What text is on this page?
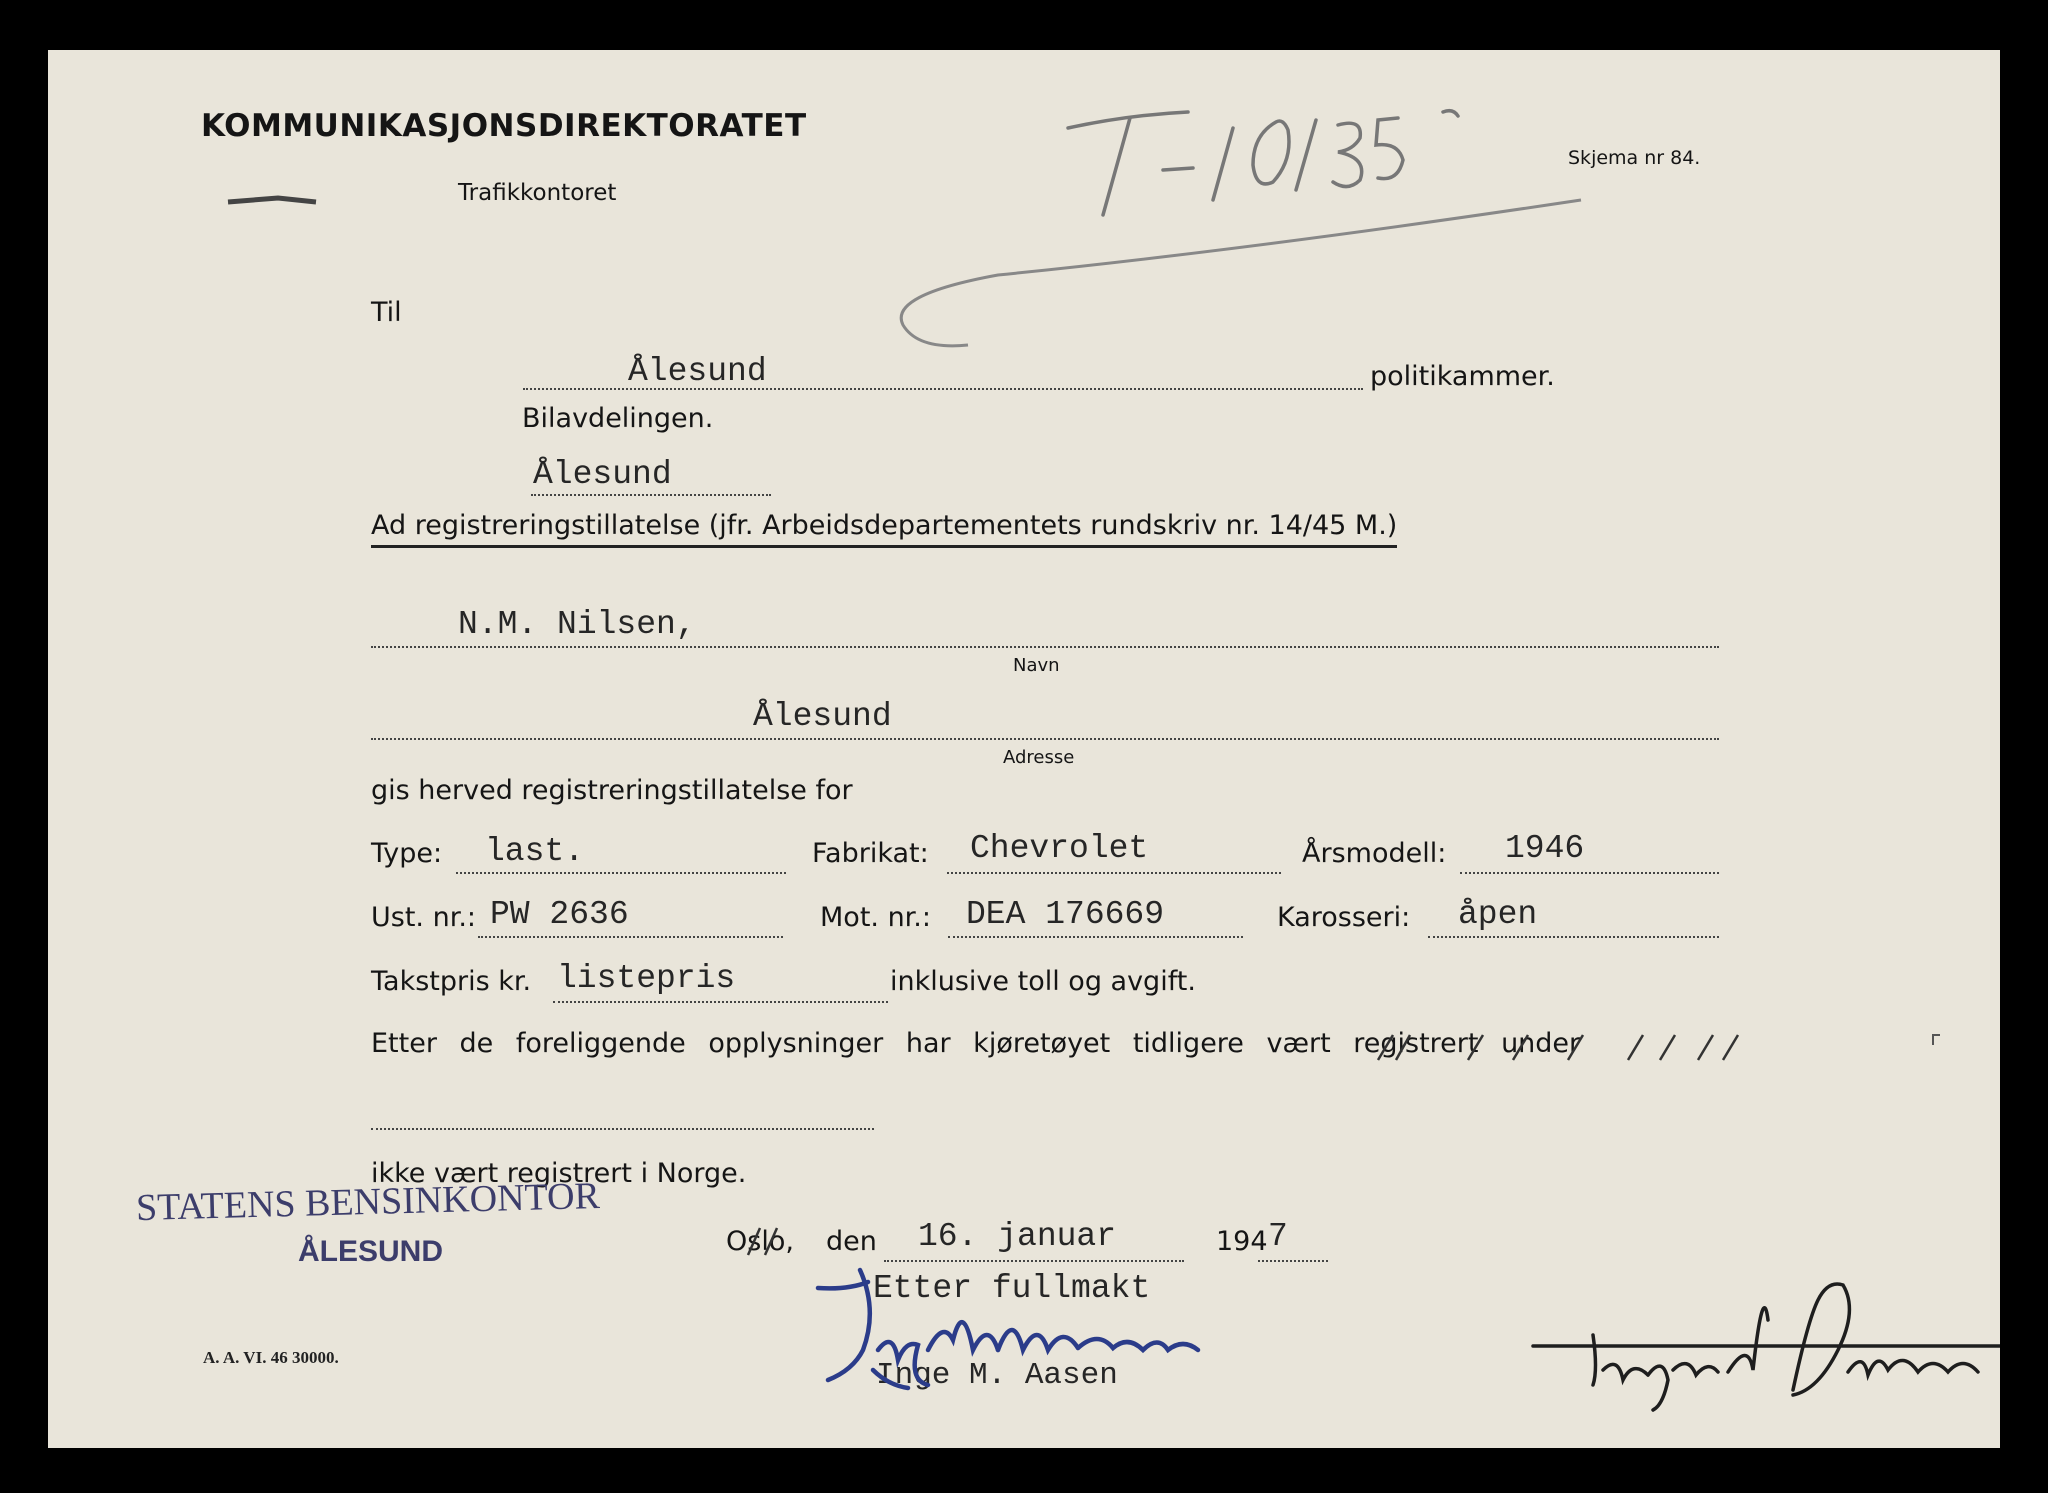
KOMMUNIKASJONSDIREKTORATET
Trafikkontoret
Skjema nr 84.
Til
Ålesund	politikammer.
Bilavdelingen.
Ålesund
Ad registreringstillatelse (jfr. Arbeidsdepartementets rundskriv nr. 14/45 M.)
N.M. Nilsen,
Navn
Ålesund
Adresse
gis herved registreringstillatelse for
Type: last.	Fabrikat: Chevrolet	Årsmodell: 1946
Ust. nr.: PW 2636	Mot. nr.: DEA 176669	Karosseri: åpen
Takstpris kr. listepris	inklusive toll og avgift.
Etter de foreliggende opplysninger har kjøretøyet tidligere vært registrert under
ikke vært registrert i Norge.
Oslo, den 16. januar	194 7
Etter fullmakt
Inge M. Aasen
STATENS BENSINKONTOR
ÅLESUND
A. A. VI. 46 30000.
